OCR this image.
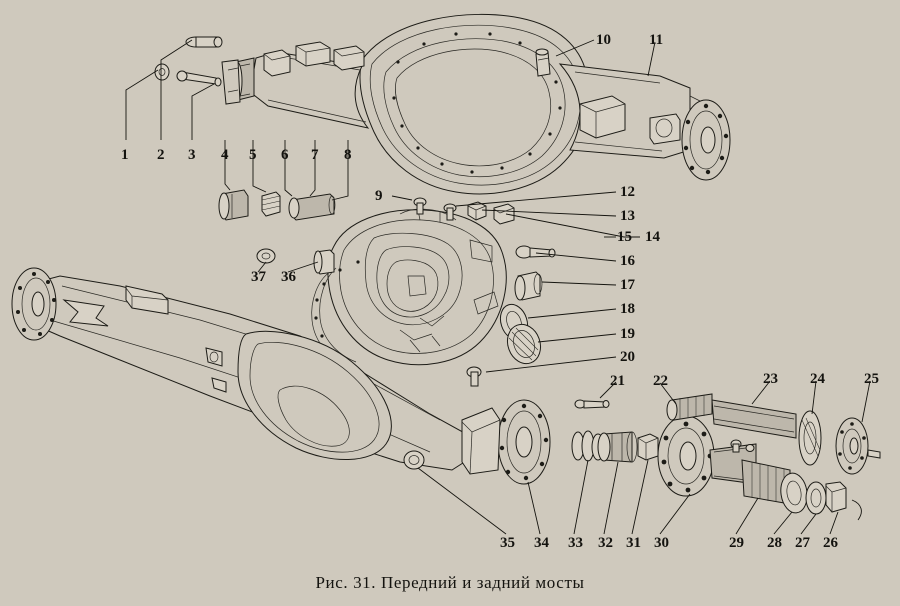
1 2 3 4 5 6 7 8
9
10	11
12
13
14
15
16
17
18
19
20
21 22	23 24	25
26
27
28
29
30
31
32
33
34
35
36
37
Рис. 31. Передний и задний мосты
